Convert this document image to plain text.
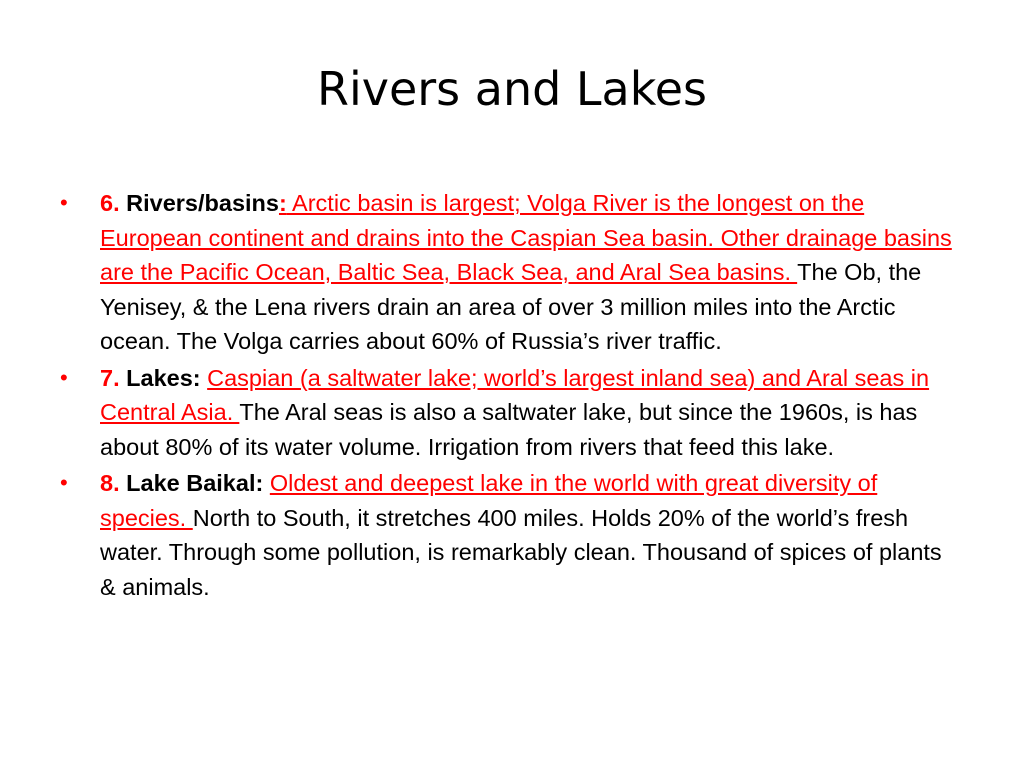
Rivers and Lakes
• 6. Rivers/basins: Arctic basin is largest; Volga River is the longest on the European continent and drains into the Caspian Sea basin. Other drainage basins are the Pacific Ocean, Baltic Sea, Black Sea, and Aral Sea basins. The Ob, the Yenisey, & the Lena rivers drain an area of over 3 million miles into the Arctic ocean. The Volga carries about 60% of Russia’s river traffic.
• 7. Lakes: Caspian (a saltwater lake; world’s largest inland sea) and Aral seas in Central Asia. The Aral seas is also a saltwater lake, but since the 1960s, is has about 80% of its water volume. Irrigation from rivers that feed this lake.
• 8. Lake Baikal: Oldest and deepest lake in the world with great diversity of species. North to South, it stretches 400 miles. Holds 20% of the world’s fresh water. Through some pollution, is remarkably clean. Thousand of spices of plants & animals.
